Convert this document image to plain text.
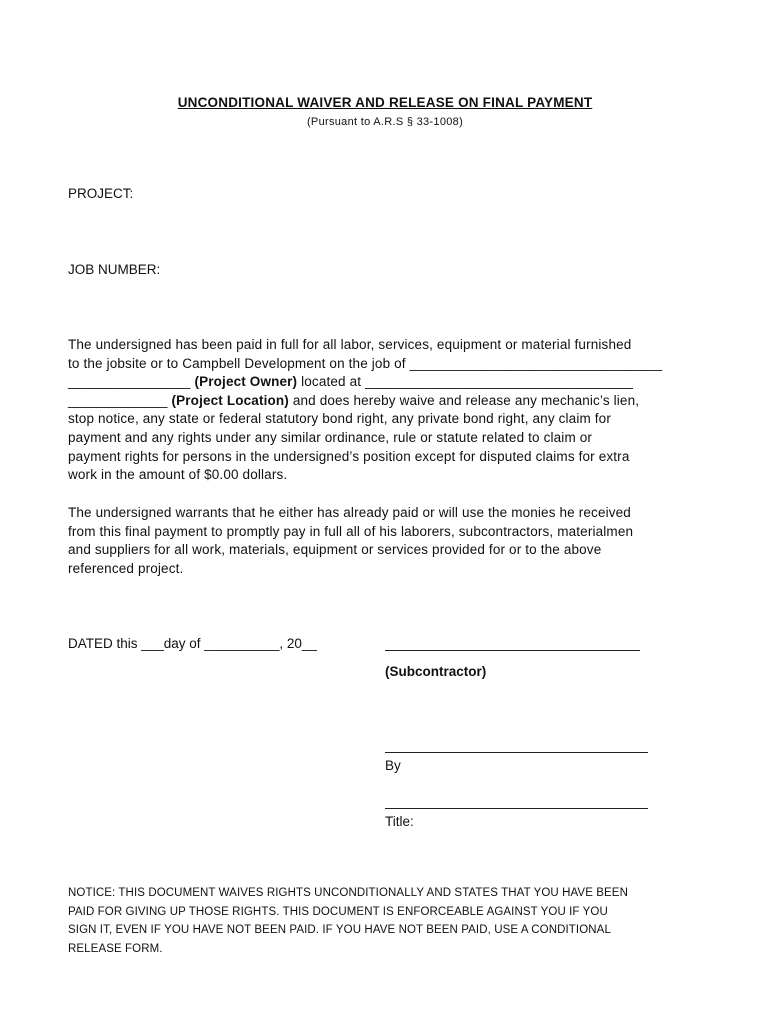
UNCONDITIONAL WAIVER AND RELEASE ON FINAL PAYMENT
(Pursuant to A.R.S § 33-1008)
PROJECT:
JOB NUMBER:
The undersigned has been paid in full for all labor, services, equipment or material furnished
to the jobsite or to Campbell Development on the job of _________________________________
________________ (Project Owner) located at ___________________________________
_____________ (Project Location) and does hereby waive and release any mechanic’s lien,
stop notice, any state or federal statutory bond right, any private bond right, any claim for
payment and any rights under any similar ordinance, rule or statute related to claim or
payment rights for persons in the undersigned’s position except for disputed claims for extra
work in the amount of $0.00 dollars.
The undersigned warrants that he either has already paid or will use the monies he received
from this final payment to promptly pay in full all of his laborers, subcontractors, materialmen
and suppliers for all work, materials, equipment or services provided for or to the above
referenced project.
DATED this ___day of __________, 20__
(Subcontractor)
By
Title:
NOTICE: THIS DOCUMENT WAIVES RIGHTS UNCONDITIONALLY AND STATES THAT YOU HAVE BEEN
PAID FOR GIVING UP THOSE RIGHTS. THIS DOCUMENT IS ENFORCEABLE AGAINST YOU IF YOU
SIGN IT, EVEN IF YOU HAVE NOT BEEN PAID. IF YOU HAVE NOT BEEN PAID, USE A CONDITIONAL
RELEASE FORM.
